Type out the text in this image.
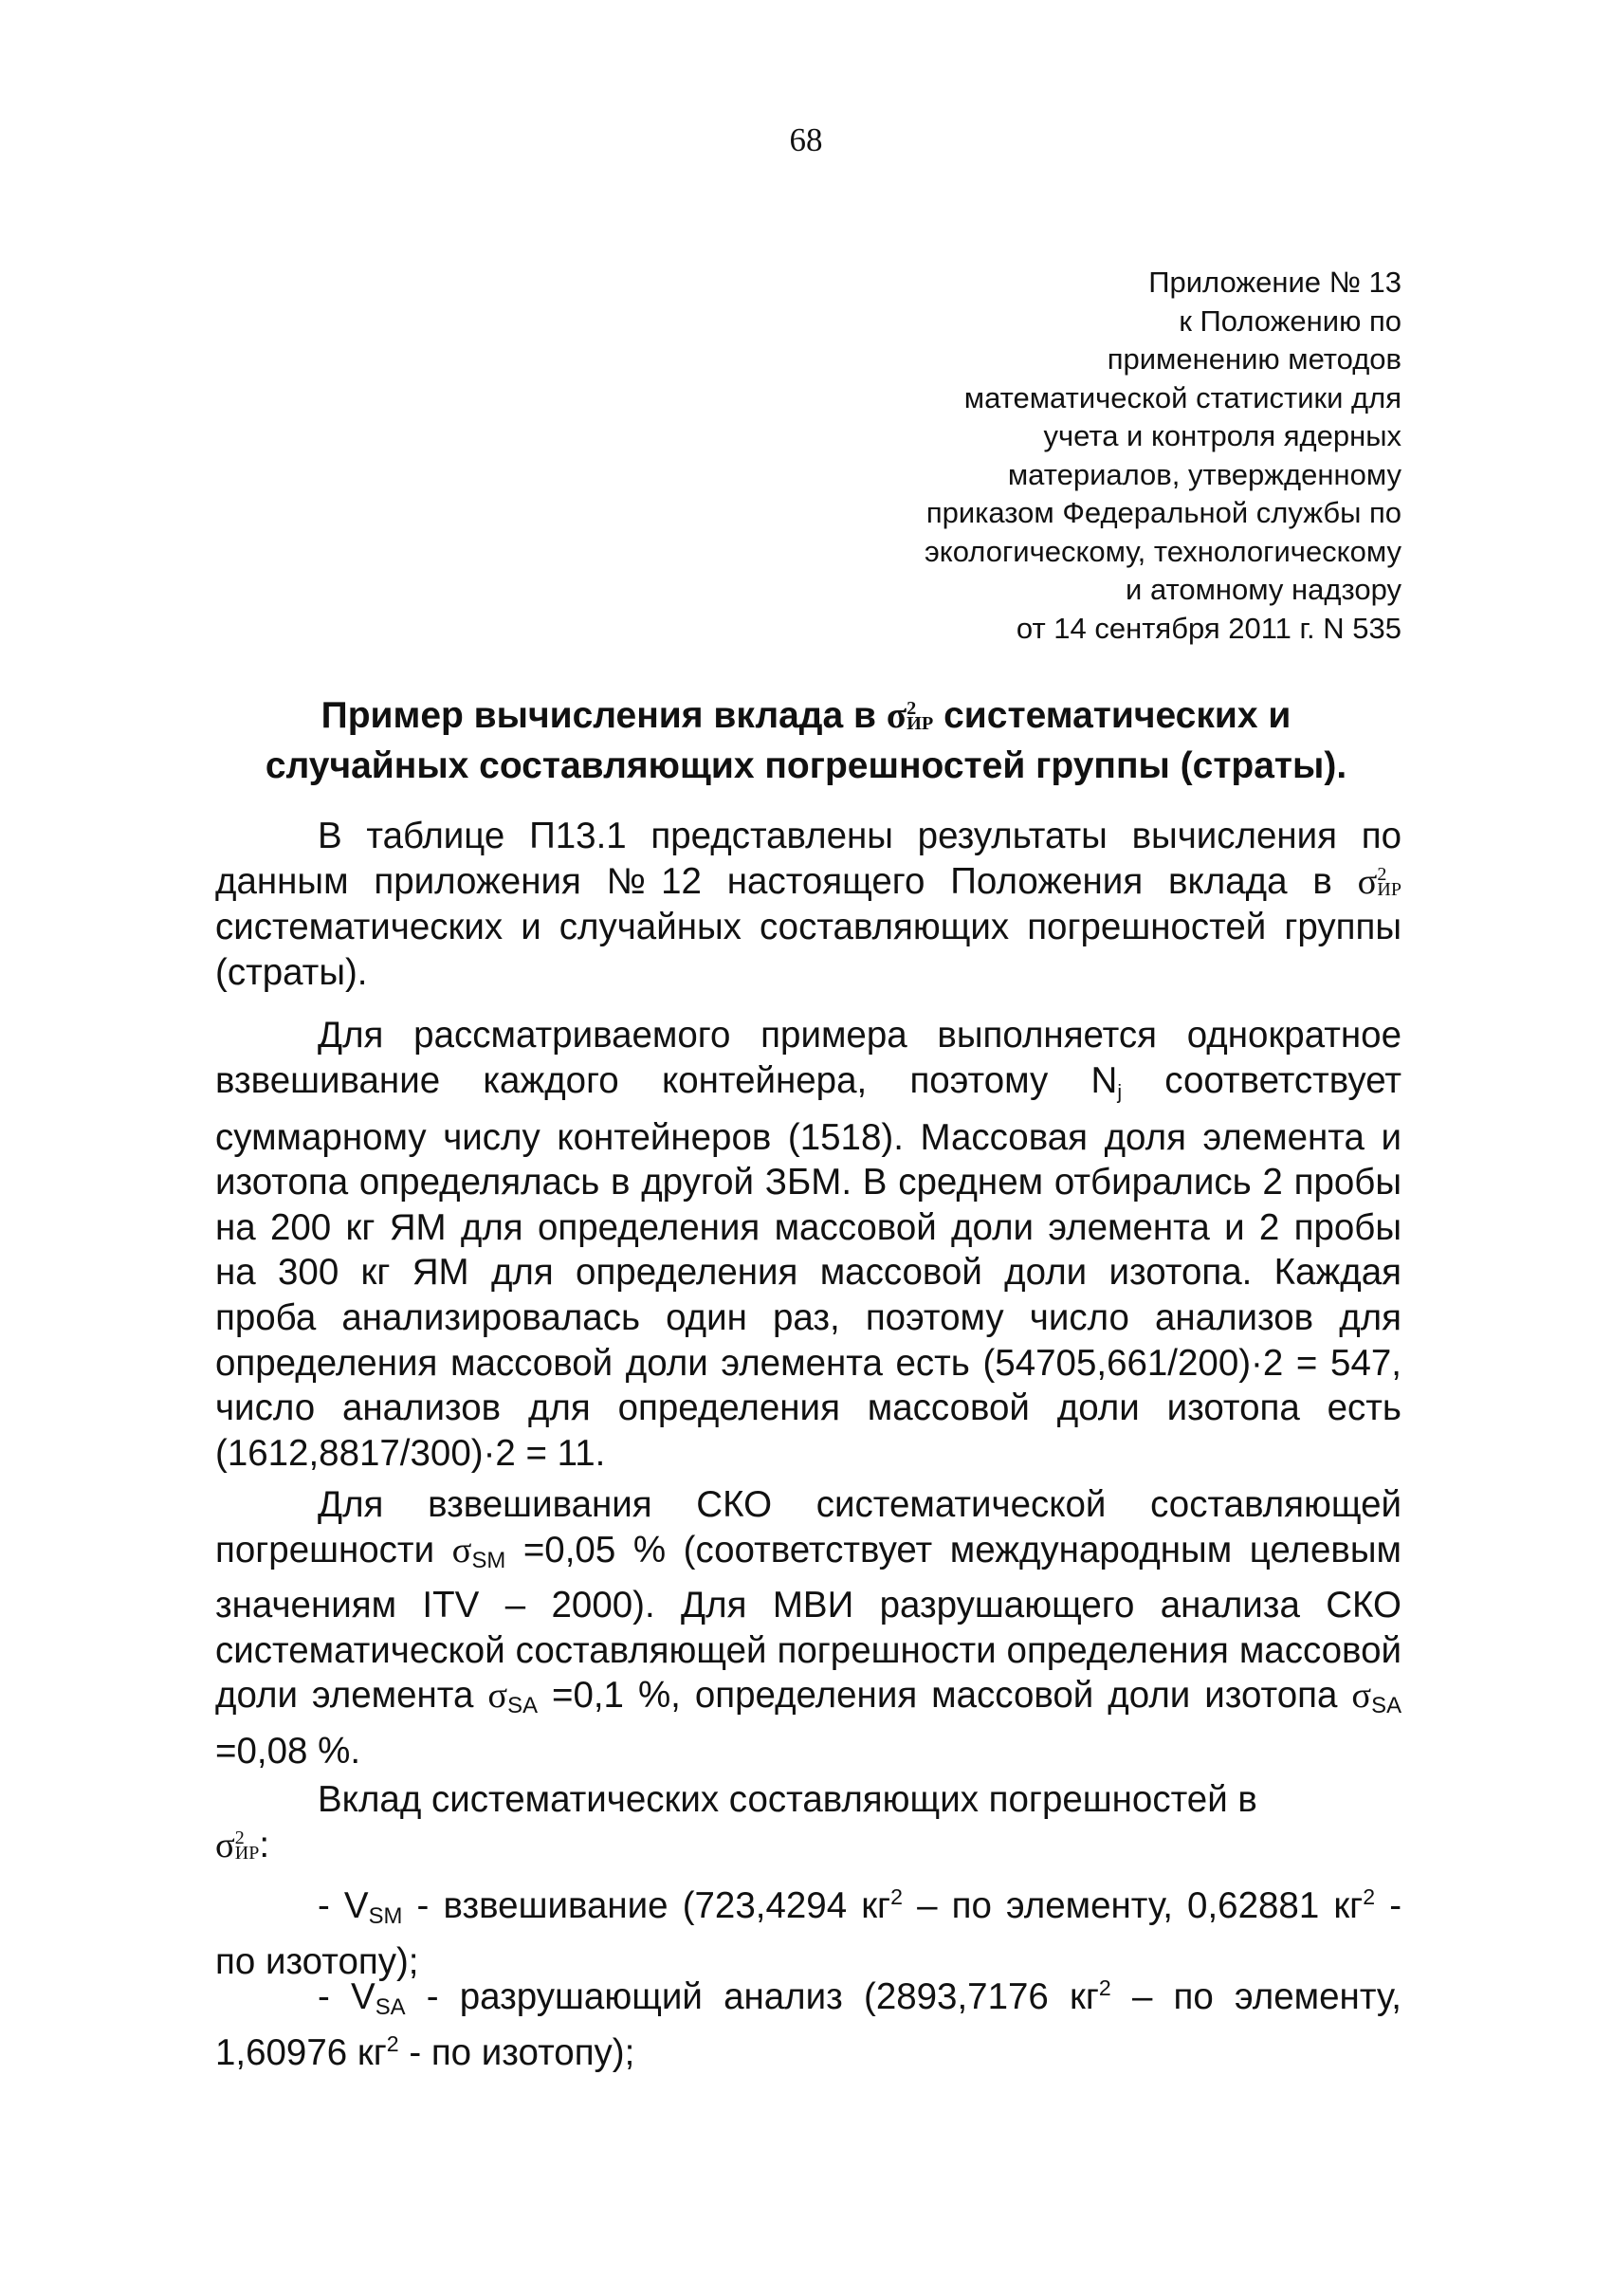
68
Приложение № 13
к Положению по
применению методов
математической статистики для
учета и контроля ядерных
материалов, утвержденному
приказом Федеральной службы по
экологическому, технологическому
и атомному надзору
от 14 сентября 2011 г. N 535
Пример вычисления вклада в σ 2
ИР систематических и
случайных составляющих погрешностей группы (страты).
В таблице П13.1 представлены результаты вычисления по данным приложения №12 настоящего Положения вклада в σ 2
ИР
систематических и случайных составляющих погрешностей группы (страты).
Для рассматриваемого примера выполняется однократное взвешивание каждого контейнера, поэтому Nj соответствует суммарному числу контейнеров (1518). Массовая доля элемента и изотопа определялась в другой ЗБМ. В среднем отбирались 2 пробы на 200 кг ЯМ для определения массовой доли элемента и 2 пробы на 300 кг ЯМ для определения массовой доли изотопа. Каждая проба анализировалась один раз, поэтому число анализов для определения массовой доли элемента есть (54705,661/200)·2 = 547, число анализов для определения массовой доли изотопа есть (1612,8817/300)·2 = 11.
Для взвешивания СКО систематической составляющей погрешности $\sigma_{SM} =0,05$ % (соответствует международным целевым значениям ITV – 2000). Для МВИ разрушающего анализа СКО систематической составляющей погрешности определения массовой доли элемента $\sigma_{SA} =0,1$ %, определения массовой доли изотопа $\sigma_{SA} =0,08$ %.
Вклад систематических составляющих погрешностей в
σ 2
ИР :
- $V_{SM}$ - взвешивание (723,4294 $кг^2$ – по элементу, 0,62881 $кг^2$ - по изотопу);
- $V_{SA}$ - разрушающий анализ (2893,7176 $кг^2$ – по элементу, 1,60976 $кг^2$ - по изотопу);
